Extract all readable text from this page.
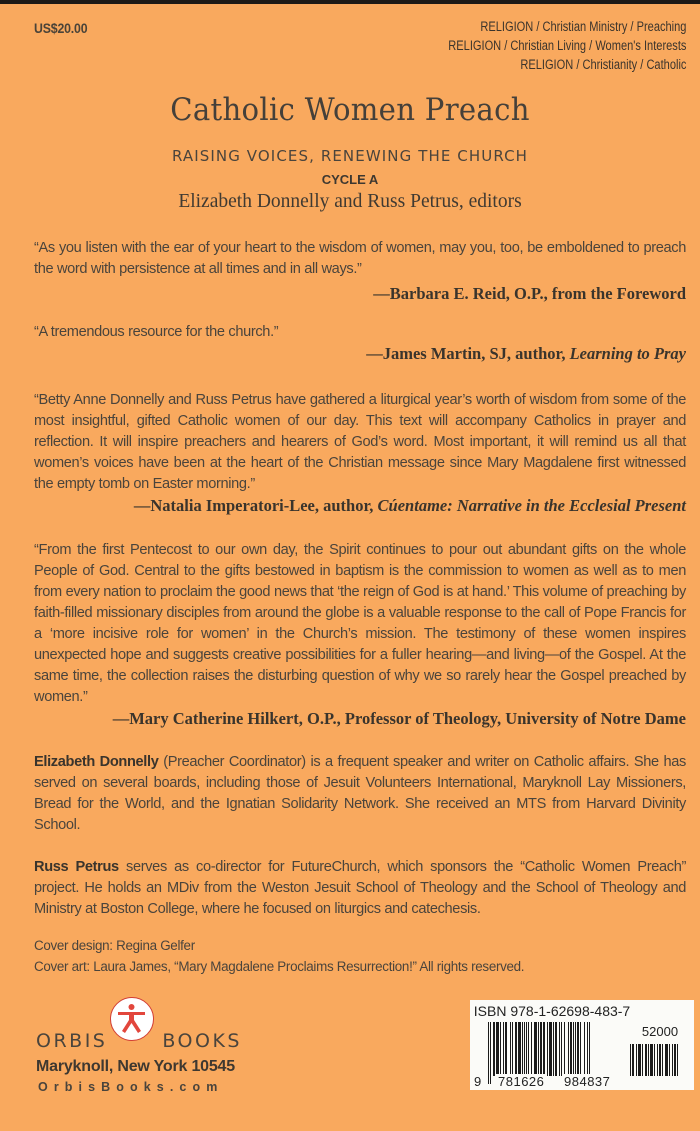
US$20.00	RELIGION / Christian Ministry / Preaching
RELIGION / Christian Living / Women's Interests
RELIGION / Christianity / Catholic
Catholic Women Preach
RAISING VOICES, RENEWING THE CHURCH
CYCLE A
Elizabeth Donnelly and Russ Petrus, editors

“As you listen with the ear of your heart to the wisdom of women, may you, too, be emboldened to preach the word with persistence at all times and in all ways.”

—Barbara E. Reid, O.P., from the Foreword

“A tremendous resource for the church.”

—James Martin, SJ, author, Learning to Pray

“Betty Anne Donnelly and Russ Petrus have gathered a liturgical year’s worth of wisdom from some of the most insightful, gifted Catholic women of our day. This text will accompany Catholics in prayer and reflection. It will inspire preachers and hearers of God’s word. Most important, it will remind us all that women’s voices have been at the heart of the Christian message since Mary Magdalene first witnessed the empty tomb on Easter morning.”

—Natalia Imperatori-Lee, author, Cúentame: Narrative in the Ecclesial Present

“From the first Pentecost to our own day, the Spirit continues to pour out abundant gifts on the whole People of God. Central to the gifts bestowed in baptism is the commission to women as well as to men from every nation to proclaim the good news that ‘the reign of God is at hand.’ This volume of preaching by faith-filled missionary disciples from around the globe is a valuable response to the call of Pope Francis for a ‘more incisive role for women’ in the Church’s mission. The testimony of these women inspires unexpected hope and suggests creative possibilities for a fuller hearing—and living—of the Gospel. At the same time, the collection raises the disturbing question of why we so rarely hear the Gospel preached by women.”

—Mary Catherine Hilkert, O.P., Professor of Theology, University of Notre Dame

Elizabeth Donnelly (Preacher Coordinator) is a frequent speaker and writer on Catholic affairs. She has served on several boards, including those of Jesuit Volunteers International, Maryknoll Lay Missioners, Bread for the World, and the Ignatian Solidarity Network. She received an MTS from Harvard Divinity School.

Russ Petrus serves as co-director for FutureChurch, which sponsors the “Catholic Women Preach” project. He holds an MDiv from the Weston Jesuit School of Theology and the School of Theology and Ministry at Boston College, where he focused on liturgics and catechesis.

Cover design: Regina Gelfer
Cover art: Laura James, “Mary Magdalene Proclaims Resurrection!” All rights reserved.
ORBIS	BOOKS
Maryknoll, New York 10545
OrbisBooks.com
ISBN 978-1-62698-483-7
52000
9 781626 984837
